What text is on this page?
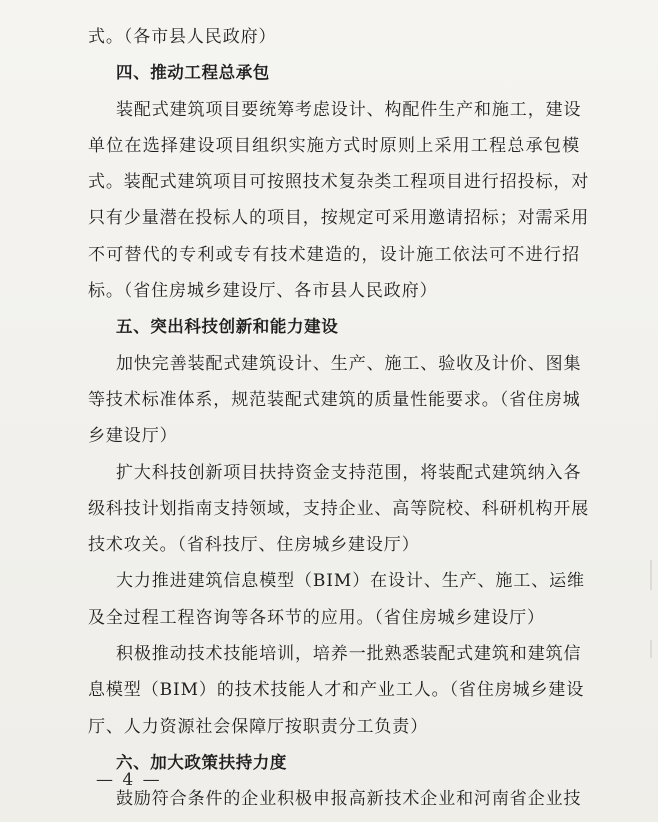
式。（各市县人民政府）
四、推动工程总承包
装配式建筑项目要统筹考虑设计、构配件生产和施工，建设
单位在选择建设项目组织实施方式时原则上采用工程总承包模
式。装配式建筑项目可按照技术复杂类工程项目进行招投标，对
只有少量潜在投标人的项目，按规定可采用邀请招标；对需采用
不可替代的专利或专有技术建造的，设计施工依法可不进行招
标。（省住房城乡建设厅、各市县人民政府）
五、突出科技创新和能力建设
加快完善装配式建筑设计、生产、施工、验收及计价、图集
等技术标准体系，规范装配式建筑的质量性能要求。（省住房城
乡建设厅）
扩大科技创新项目扶持资金支持范围，将装配式建筑纳入各
级科技计划指南支持领域，支持企业、高等院校、科研机构开展
技术攻关。（省科技厅、住房城乡建设厅）
大力推进建筑信息模型（BIM）在设计、生产、施工、运维
及全过程工程咨询等各环节的应用。（省住房城乡建设厅）
积极推动技术技能培训，培养一批熟悉装配式建筑和建筑信
息模型（BIM）的技术技能人才和产业工人。（省住房城乡建设
厅、人力资源社会保障厅按职责分工负责）
六、加大政策扶持力度
鼓励符合条件的企业积极申报高新技术企业和河南省企业技
— 4 —
